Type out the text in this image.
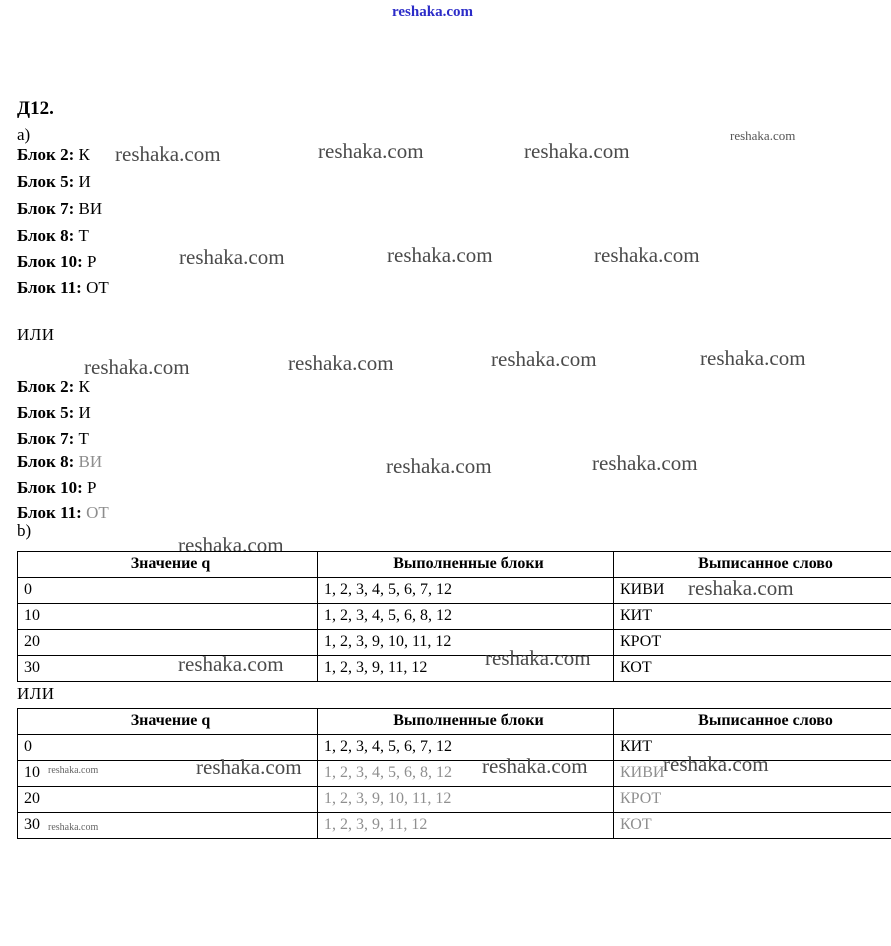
reshaka.com
reshaka.com
reshaka.com	reshaka.com	reshaka.com
reshaka.com	reshaka.com	reshaka.com
reshaka.com	reshaka.com	reshaka.com	reshaka.com
reshaka.com	reshaka.com
reshaka.com
Д12.
а)
Блок 2: К
Блок 5: И
Блок 7: ВИ
Блок 8: Т
Блок 10: Р
Блок 11: ОТ
ИЛИ
Блок 2: К
Блок 5: И
Блок 7: Т
Блок 8: ВИ
Блок 10: Р
Блок 11: ОТ
b)
Значение q	Выполненные блоки	Выписанное слово
0	1, 2, 3, 4, 5, 6, 7, 12	КИВИ
10	1, 2, 3, 4, 5, 6, 8, 12	КИТ
20	1, 2, 3, 9, 10, 11, 12	КРОТ
30	1, 2, 3, 9, 11, 12	КОТ
ИЛИ
Значение q	Выполненные блоки	Выписанное слово
0	1, 2, 3, 4, 5, 6, 7, 12	КИТ
10	1, 2, 3, 4, 5, 6, 8, 12	КИВИ
20	1, 2, 3, 9, 10, 11, 12	КРОТ
30	1, 2, 3, 9, 11, 12	КОТ
reshaka.com
reshaka.com	reshaka.com
reshaka.com	reshaka.com	reshaka.com	reshaka.com
reshaka.com
